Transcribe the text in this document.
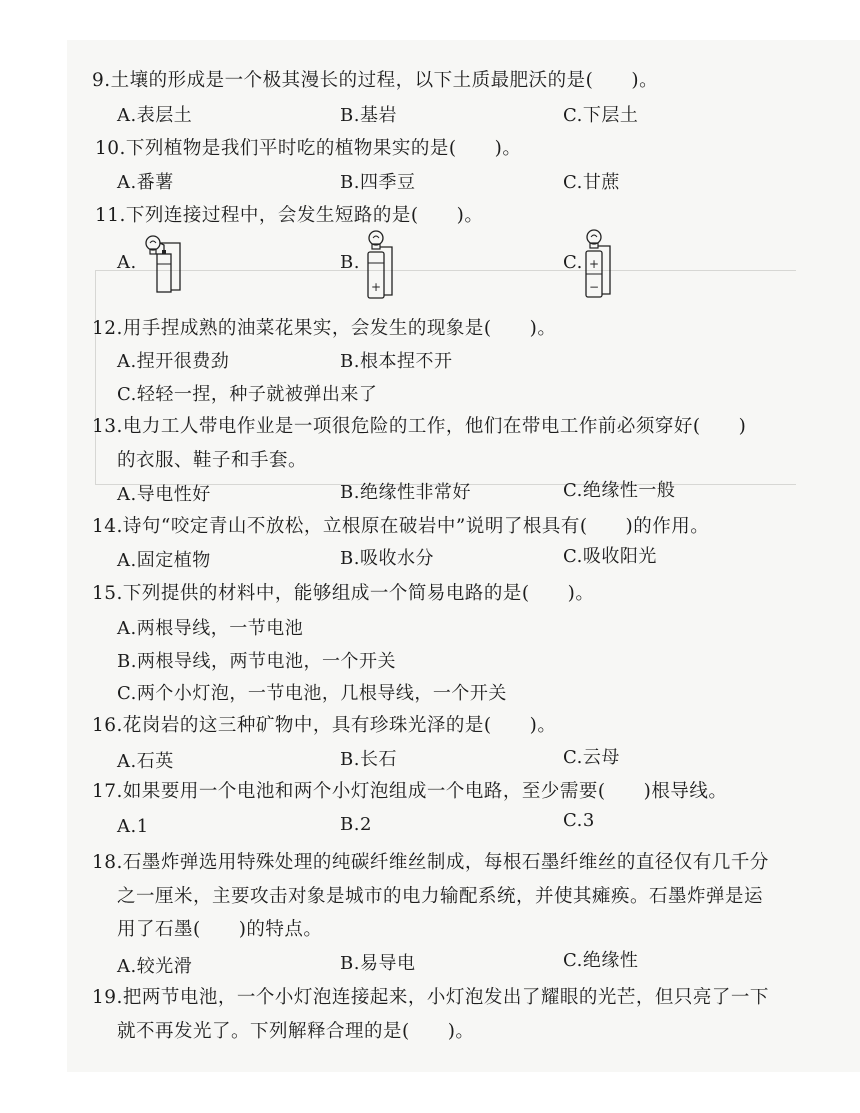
9.土壤的形成是一个极其漫长的过程，以下土质最肥沃的是(　　)。
A.表层土	B.基岩	C.下层土
10.下列植物是我们平时吃的植物果实的是(　　)。
A.番薯	B.四季豆	C.甘蔗
11.下列连接过程中，会发生短路的是(　　)。
A.	B.	C.
+
+
−
12.用手捏成熟的油菜花果实，会发生的现象是(　　)。
A.捏开很费劲	B.根本捏不开
C.轻轻一捏，种子就被弹出来了
13.电力工人带电作业是一项很危险的工作，他们在带电工作前必须穿好(　　)
的衣服、鞋子和手套。
A.导电性好	B.绝缘性非常好	C.绝缘性一般
14.诗句“咬定青山不放松，立根原在破岩中”说明了根具有(　　)的作用。
A.固定植物	B.吸收水分	C.吸收阳光
15.下列提供的材料中，能够组成一个简易电路的是(　　)。
A.两根导线，一节电池
B.两根导线，两节电池，一个开关
C.两个小灯泡，一节电池，几根导线，一个开关
16.花岗岩的这三种矿物中，具有珍珠光泽的是(　　)。
A.石英	B.长石	C.云母
17.如果要用一个电池和两个小灯泡组成一个电路，至少需要(　　)根导线。
A.1	B.2	C.3
18.石墨炸弹选用特殊处理的纯碳纤维丝制成，每根石墨纤维丝的直径仅有几千分
之一厘米，主要攻击对象是城市的电力输配系统，并使其瘫痪。石墨炸弹是运
用了石墨(　　)的特点。
A.较光滑	B.易导电	C.绝缘性
19.把两节电池，一个小灯泡连接起来，小灯泡发出了耀眼的光芒，但只亮了一下
就不再发光了。下列解释合理的是(　　)。
